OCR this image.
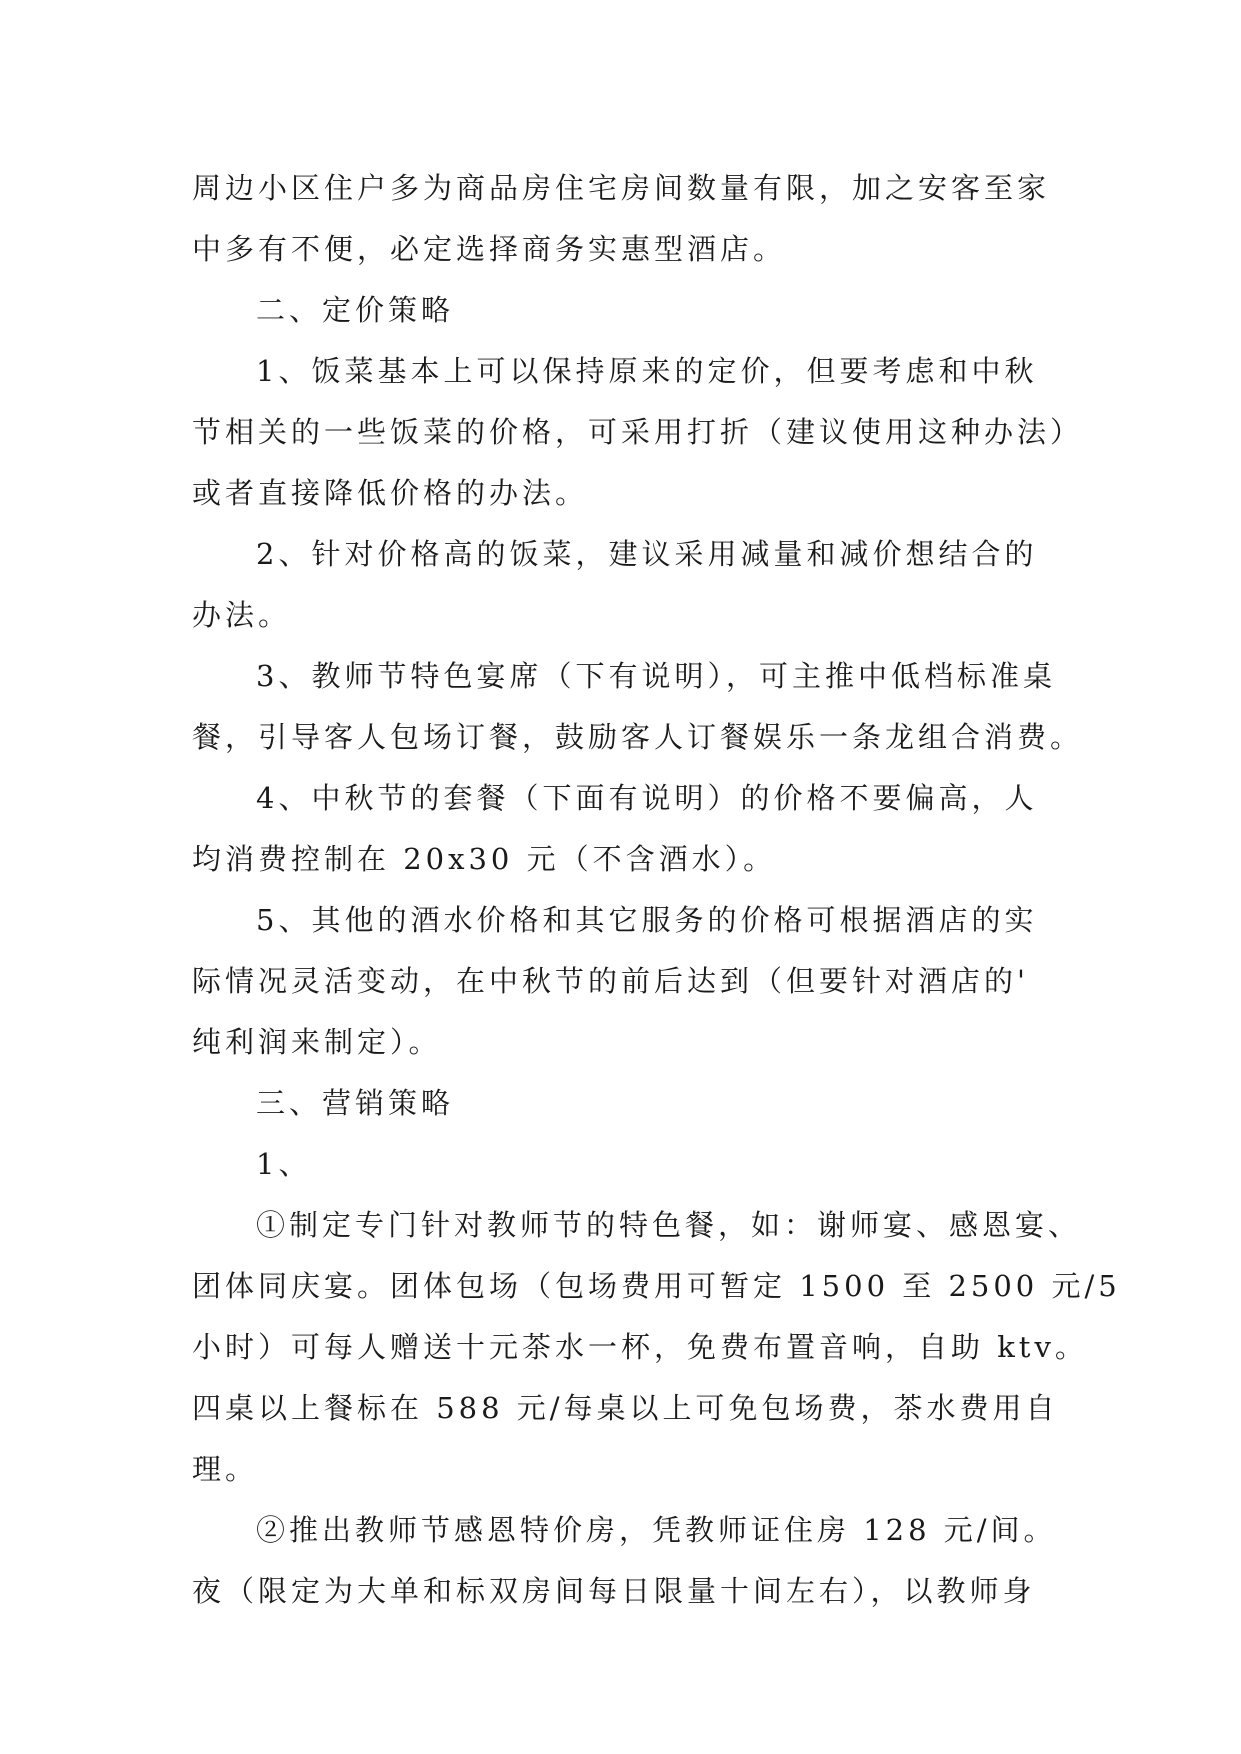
周边小区住户多为商品房住宅房间数量有限，加之安客至家
中多有不便，必定选择商务实惠型酒店。
二、定价策略
1、饭菜基本上可以保持原来的定价，但要考虑和中秋
节相关的一些饭菜的价格，可采用打折（建议使用这种办法）
或者直接降低价格的办法。
2、针对价格高的饭菜，建议采用减量和减价想结合的
办法。
3、教师节特色宴席（下有说明），可主推中低档标准桌
餐，引导客人包场订餐，鼓励客人订餐娱乐一条龙组合消费。
4、中秋节的套餐（下面有说明）的价格不要偏高，人
均消费控制在 20x30 元（不含酒水）。
5、其他的酒水价格和其它服务的价格可根据酒店的实
际情况灵活变动，在中秋节的前后达到（但要针对酒店的'
纯利润来制定）。
三、营销策略
1、
①制定专门针对教师节的特色餐，如：谢师宴、感恩宴、
团体同庆宴。团体包场（包场费用可暂定 1500 至 2500 元/5
小时）可每人赠送十元茶水一杯，免费布置音响，自助 ktv。
四桌以上餐标在 588 元/每桌以上可免包场费，茶水费用自
理。
②推出教师节感恩特价房，凭教师证住房 128 元/间。
夜（限定为大单和标双房间每日限量十间左右），以教师身
